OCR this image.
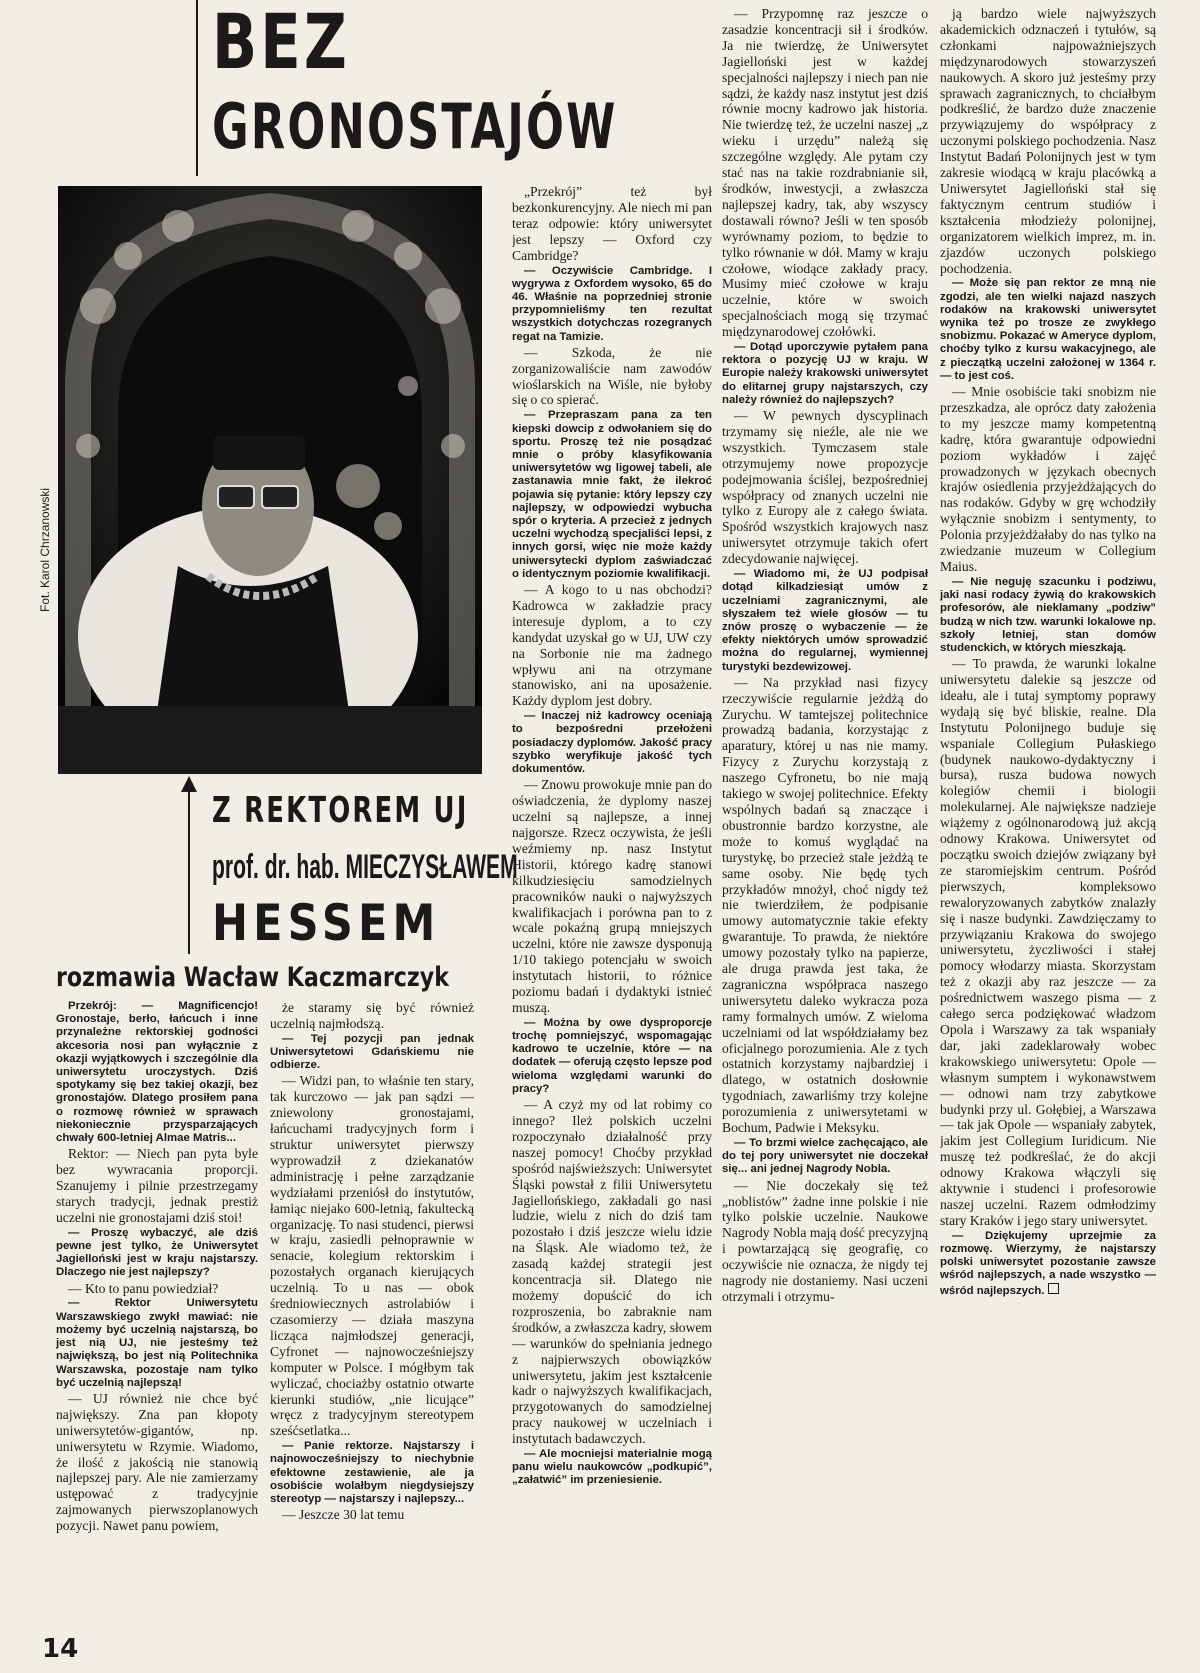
BEZ
GRONOSTAJÓW
Fot. Karol Chrzanowski
Z REKTOREM UJ
prof. dr. hab. MIECZYSŁAWEM
HESSEM
rozmawia Wacław Kaczmarczyk

Przekrój: — Magnificencjo! Gronostaje, berło, łańcuch i inne przynależne rektorskiej godności akcesoria nosi pan wyłącznie z okazji wyjątkowych i szczególnie dla uniwersytetu uroczystych. Dziś spotykamy się bez takiej okazji, bez gronostajów. Dlatego prosiłem pana o rozmowę również w sprawach niekoniecznie przysparzających chwały 600-letniej Almae Matris...

Rektor: — Niech pan pyta byle bez wywracania proporcji. Szanujemy i pilnie przestrzegamy starych tradycji, jednak prestiż uczelni nie gronostajami dziś stoi!

— Proszę wybaczyć, ale dziś pewne jest tylko, że Uniwersytet Jagielloński jest w kraju najstarszy. Dlaczego nie jest najlepszy?

— Kto to panu powiedział?

— Rektor Uniwersytetu Warszawskiego zwykł mawiać: nie możemy być uczelnią najstarszą, bo jest nią UJ, nie jesteśmy też największą, bo jest nią Politechnika Warszawska, pozostaje nam tylko być uczelnią najlepszą!

— UJ również nie chce być największy. Zna pan kłopoty uniwersytetów-gigantów, np. uniwersytetu w Rzymie. Wiadomo, że ilość z jakością nie stanowią najlepszej pary. Ale nie zamierzamy ustępować z tradycyjnie zajmowanych pierwszoplanowych pozycji. Nawet panu powiem,

że staramy się być również uczelnią najmłodszą.

— Tej pozycji pan jednak Uniwersytetowi Gdańskiemu nie odbierze.

— Widzi pan, to właśnie ten stary, tak kurczowo — jak pan sądzi — zniewolony gronostajami, łańcuchami tradycyjnych form i struktur uniwersytet pierwszy wyprowadził z dziekanatów administrację i pełne zarządzanie wydziałami przeniósł do instytutów, łamiąc niejako 600-letnią, fakultecką organizację. To nasi studenci, pierwsi w kraju, zasiedli pełnoprawnie w senacie, kolegium rektorskim i pozostałych organach kierujących uczelnią. To u nas — obok średniowiecznych astrolabiów i czasomierzy — działa maszyna licząca najmłodszej generacji, Cyfronet — najnowocześniejszy komputer w Polsce. I mógłbym tak wyliczać, chociażby ostatnio otwarte kierunki studiów, „nie licujące” wręcz z tradycyjnym stereotypem sześćsetlatka...

— Panie rektorze. Najstarszy i najnowocześniejszy to niechybnie efektowne zestawienie, ale ja osobiście wolałbym niegdysiejszy stereotyp — najstarszy i najlepszy...

— Jeszcze 30 lat temu

„Przekrój” też był bezkonkurencyjny. Ale niech mi pan teraz odpowie: który uniwersytet jest lepszy — Oxford czy Cambridge?

— Oczywiście Cambridge. I wygrywa z Oxfordem wysoko, 65 do 46. Właśnie na poprzedniej stronie przypomnieliśmy ten rezultat wszystkich dotychczas rozegranych regat na Tamizie.

— Szkoda, że nie zorganizowaliście nam zawodów wioślarskich na Wiśle, nie byłoby się o co spierać.

— Przepraszam pana za ten kiepski dowcip z odwołaniem się do sportu. Proszę też nie posądzać mnie o próby klasyfikowania uniwersytetów wg ligowej tabeli, ale zastanawia mnie fakt, że ilekroć pojawia się pytanie: który lepszy czy najlepszy, w odpowiedzi wybucha spór o kryteria. A przecież z jednych uczelni wychodzą specjaliści lepsi, z innych gorsi, więc nie może każdy uniwersytecki dyplom zaświadczać o identycznym poziomie kwalifikacji.

— A kogo to u nas obchodzi? Kadrowca w zakładzie pracy interesuje dyplom, a to czy kandydat uzyskał go w UJ, UW czy na Sorbonie nie ma żadnego wpływu ani na otrzymane stanowisko, ani na uposażenie. Każdy dyplom jest dobry.

— Inaczej niż kadrowcy oceniają to bezpośredni przełożeni posiadaczy dyplomów. Jakość pracy szybko weryfikuje jakość tych dokumentów.

— Znowu prowokuje mnie pan do oświadczenia, że dyplomy naszej uczelni są najlepsze, a innej najgorsze. Rzecz oczywista, że jeśli weźmiemy np. nasz Instytut Historii, którego kadrę stanowi kilkudziesięciu samodzielnych pracowników nauki o najwyższych kwalifikacjach i porówna pan to z wcale pokaźną grupą mniejszych uczelni, które nie zawsze dysponują 1/10 takiego potencjału w swoich instytutach historii, to różnice poziomu badań i dydaktyki istnieć muszą.

— Można by owe dysproporcje trochę pomniejszyć, wspomagając kadrowo te uczelnie, które — na dodatek — oferują często lepsze pod wieloma względami warunki do pracy?

— A czyż my od lat robimy co innego? Ileż polskich uczelni rozpoczynało działalność przy naszej pomocy! Choćby przykład spośród najświeższych: Uniwersytet Śląski powstał z filii Uniwersytetu Jagiellońskiego, zakładali go nasi ludzie, wielu z nich do dziś tam pozostało i dziś jeszcze wielu idzie na Śląsk. Ale wiadomo też, że zasadą każdej strategii jest koncentracja sił. Dlatego nie możemy dopuścić do ich rozproszenia, bo zabraknie nam środków, a zwłaszcza kadry, słowem — warunków do spełniania jednego z najpierwszych obowiązków uniwersytetu, jakim jest kształcenie kadr o najwyższych kwalifikacjach, przygotowanych do samodzielnej pracy naukowej w uczelniach i instytutach badawczych.

— Ale mocniejsi materialnie mogą panu wielu naukowców „podkupić”, „załatwić” im przeniesienie.

— Przypomnę raz jeszcze o zasadzie koncentracji sił i środków. Ja nie twierdzę, że Uniwersytet Jagielloński jest w każdej specjalności najlepszy i niech pan nie sądzi, że każdy nasz instytut jest dziś równie mocny kadrowo jak historia. Nie twierdzę też, że uczelni naszej „z wieku i urzędu” należą się szczególne względy. Ale pytam czy stać nas na takie rozdrabnianie sił, środków, inwestycji, a zwłaszcza najlepszej kadry, tak, aby wszyscy dostawali równo? Jeśli w ten sposób wyrównamy poziom, to będzie to tylko równanie w dół. Mamy w kraju czołowe, wiodące zakłady pracy. Musimy mieć czołowe w kraju uczelnie, które w swoich specjalnościach mogą się trzymać międzynarodowej czołówki.

— Dotąd uporczywie pytałem pana rektora o pozycję UJ w kraju. W Europie należy krakowski uniwersytet do elitarnej grupy najstarszych, czy należy również do najlepszych?

— W pewnych dyscyplinach trzymamy się nieźle, ale nie we wszystkich. Tymczasem stale otrzymujemy nowe propozycje podejmowania ściślej, bezpośredniej współpracy od znanych uczelni nie tylko z Europy ale z całego świata. Spośród wszystkich krajowych nasz uniwersytet otrzymuje takich ofert zdecydowanie najwięcej.

— Wiadomo mi, że UJ podpisał dotąd kilkadziesiąt umów z uczelniami zagranicznymi, ale słyszałem też wiele głosów — tu znów proszę o wybaczenie — że efekty niektórych umów sprowadzić można do regularnej, wymiennej turystyki bezdewizowej.

— Na przykład nasi fizycy rzeczywiście regularnie jeżdżą do Zurychu. W tamtejszej politechnice prowadzą badania, korzystając z aparatury, której u nas nie mamy. Fizycy z Zurychu korzystają z naszego Cyfronetu, bo nie mają takiego w swojej politechnice. Efekty wspólnych badań są znaczące i obustronnie bardzo korzystne, ale może to komuś wyglądać na turystykę, bo przecież stale jeżdżą te same osoby. Nie będę tych przykładów mnożył, choć nigdy też nie twierdziłem, że podpisanie umowy automatycznie takie efekty gwarantuje. To prawda, że niektóre umowy pozostały tylko na papierze, ale druga prawda jest taka, że zagraniczna współpraca naszego uniwersytetu daleko wykracza poza ramy formalnych umów. Z wieloma uczelniami od lat współdziałamy bez oficjalnego porozumienia. Ale z tych ostatnich korzystamy najbardziej i dlatego, w ostatnich dosłownie tygodniach, zawarliśmy trzy kolejne porozumienia z uniwersytetami w Bochum, Padwie i Meksyku.

— To brzmi wielce zachęcająco, ale do tej pory uniwersytet nie doczekał się... ani jednej Nagrody Nobla.

— Nie doczekały się też „noblistów” żadne inne polskie i nie tylko polskie uczelnie. Naukowe Nagrody Nobla mają dość precyzyjną i powtarzającą się geografię, co oczywiście nie oznacza, że nigdy tej nagrody nie dostaniemy. Nasi uczeni otrzymali i otrzymu-

ją bardzo wiele najwyższych akademickich odznaczeń i tytułów, są członkami najpoważniejszych międzynarodowych stowarzyszeń naukowych. A skoro już jesteśmy przy sprawach zagranicznych, to chciałbym podkreślić, że bardzo duże znaczenie przywiązujemy do współpracy z uczonymi polskiego pochodzenia. Nasz Instytut Badań Polonijnych jest w tym zakresie wiodącą w kraju placówką a Uniwersytet Jagielloński stał się faktycznym centrum studiów i kształcenia młodzieży polonijnej, organizatorem wielkich imprez, m. in. zjazdów uczonych polskiego pochodzenia.

— Może się pan rektor ze mną nie zgodzi, ale ten wielki najazd naszych rodaków na krakowski uniwersytet wynika też po trosze ze zwykłego snobizmu. Pokazać w Ameryce dyplom, choćby tylko z kursu wakacyjnego, ale z pieczątką uczelni założonej w 1364 r. — to jest coś.

— Mnie osobiście taki snobizm nie przeszkadza, ale oprócz daty założenia to my jeszcze mamy kompetentną kadrę, która gwarantuje odpowiedni poziom wykładów i zajęć prowadzonych w językach obecnych krajów osiedlenia przyjeżdżających do nas rodaków. Gdyby w grę wchodziły wyłącznie snobizm i sentymenty, to Polonia przyjeżdżałaby do nas tylko na zwiedzanie muzeum w Collegium Maius.

— Nie neguję szacunku i podziwu, jaki nasi rodacy żywią do krakowskich profesorów, ale nieklamany „podziw” budzą w nich tzw. warunki lokalowe np. szkoły letniej, stan domów studenckich, w których mieszkają.

— To prawda, że warunki lokalne uniwersytetu dalekie są jeszcze od ideału, ale i tutaj symptomy poprawy wydają się być bliskie, realne. Dla Instytutu Polonijnego buduje się wspaniale Collegium Pułaskiego (budynek naukowo-dydaktyczny i bursa), rusza budowa nowych kolegiów chemii i biologii molekularnej. Ale największe nadzieje wiążemy z ogólnonarodową już akcją odnowy Krakowa. Uniwersytet od początku swoich dziejów związany był ze staromiejskim centrum. Pośród pierwszych, kompleksowo rewaloryzowanych zabytków znalazły się i nasze budynki. Zawdzięczamy to przywiązaniu Krakowa do swojego uniwersytetu, życzliwości i stałej pomocy włodarzy miasta. Skorzystam też z okazji aby raz jeszcze — za pośrednictwem waszego pisma — z całego serca podziękować władzom Opola i Warszawy za tak wspaniały dar, jaki zadeklarowały wobec krakowskiego uniwersytetu: Opole — własnym sumptem i wykonawstwem — odnowi nam trzy zabytkowe budynki przy ul. Gołębiej, a Warszawa — tak jak Opole — wspaniały zabytek, jakim jest Collegium Iuridicum. Nie muszę też podkreślać, że do akcji odnowy Krakowa włączyli się aktywnie i studenci i profesorowie naszej uczelni. Razem odmłodzimy stary Kraków i jego stary uniwersytet.

— Dziękujemy uprzejmie za rozmowę. Wierzymy, że najstarszy polski uniwersytet pozostanie zawsze wśród najlepszych, a nade wszystko — wśród najlepszych.

14
